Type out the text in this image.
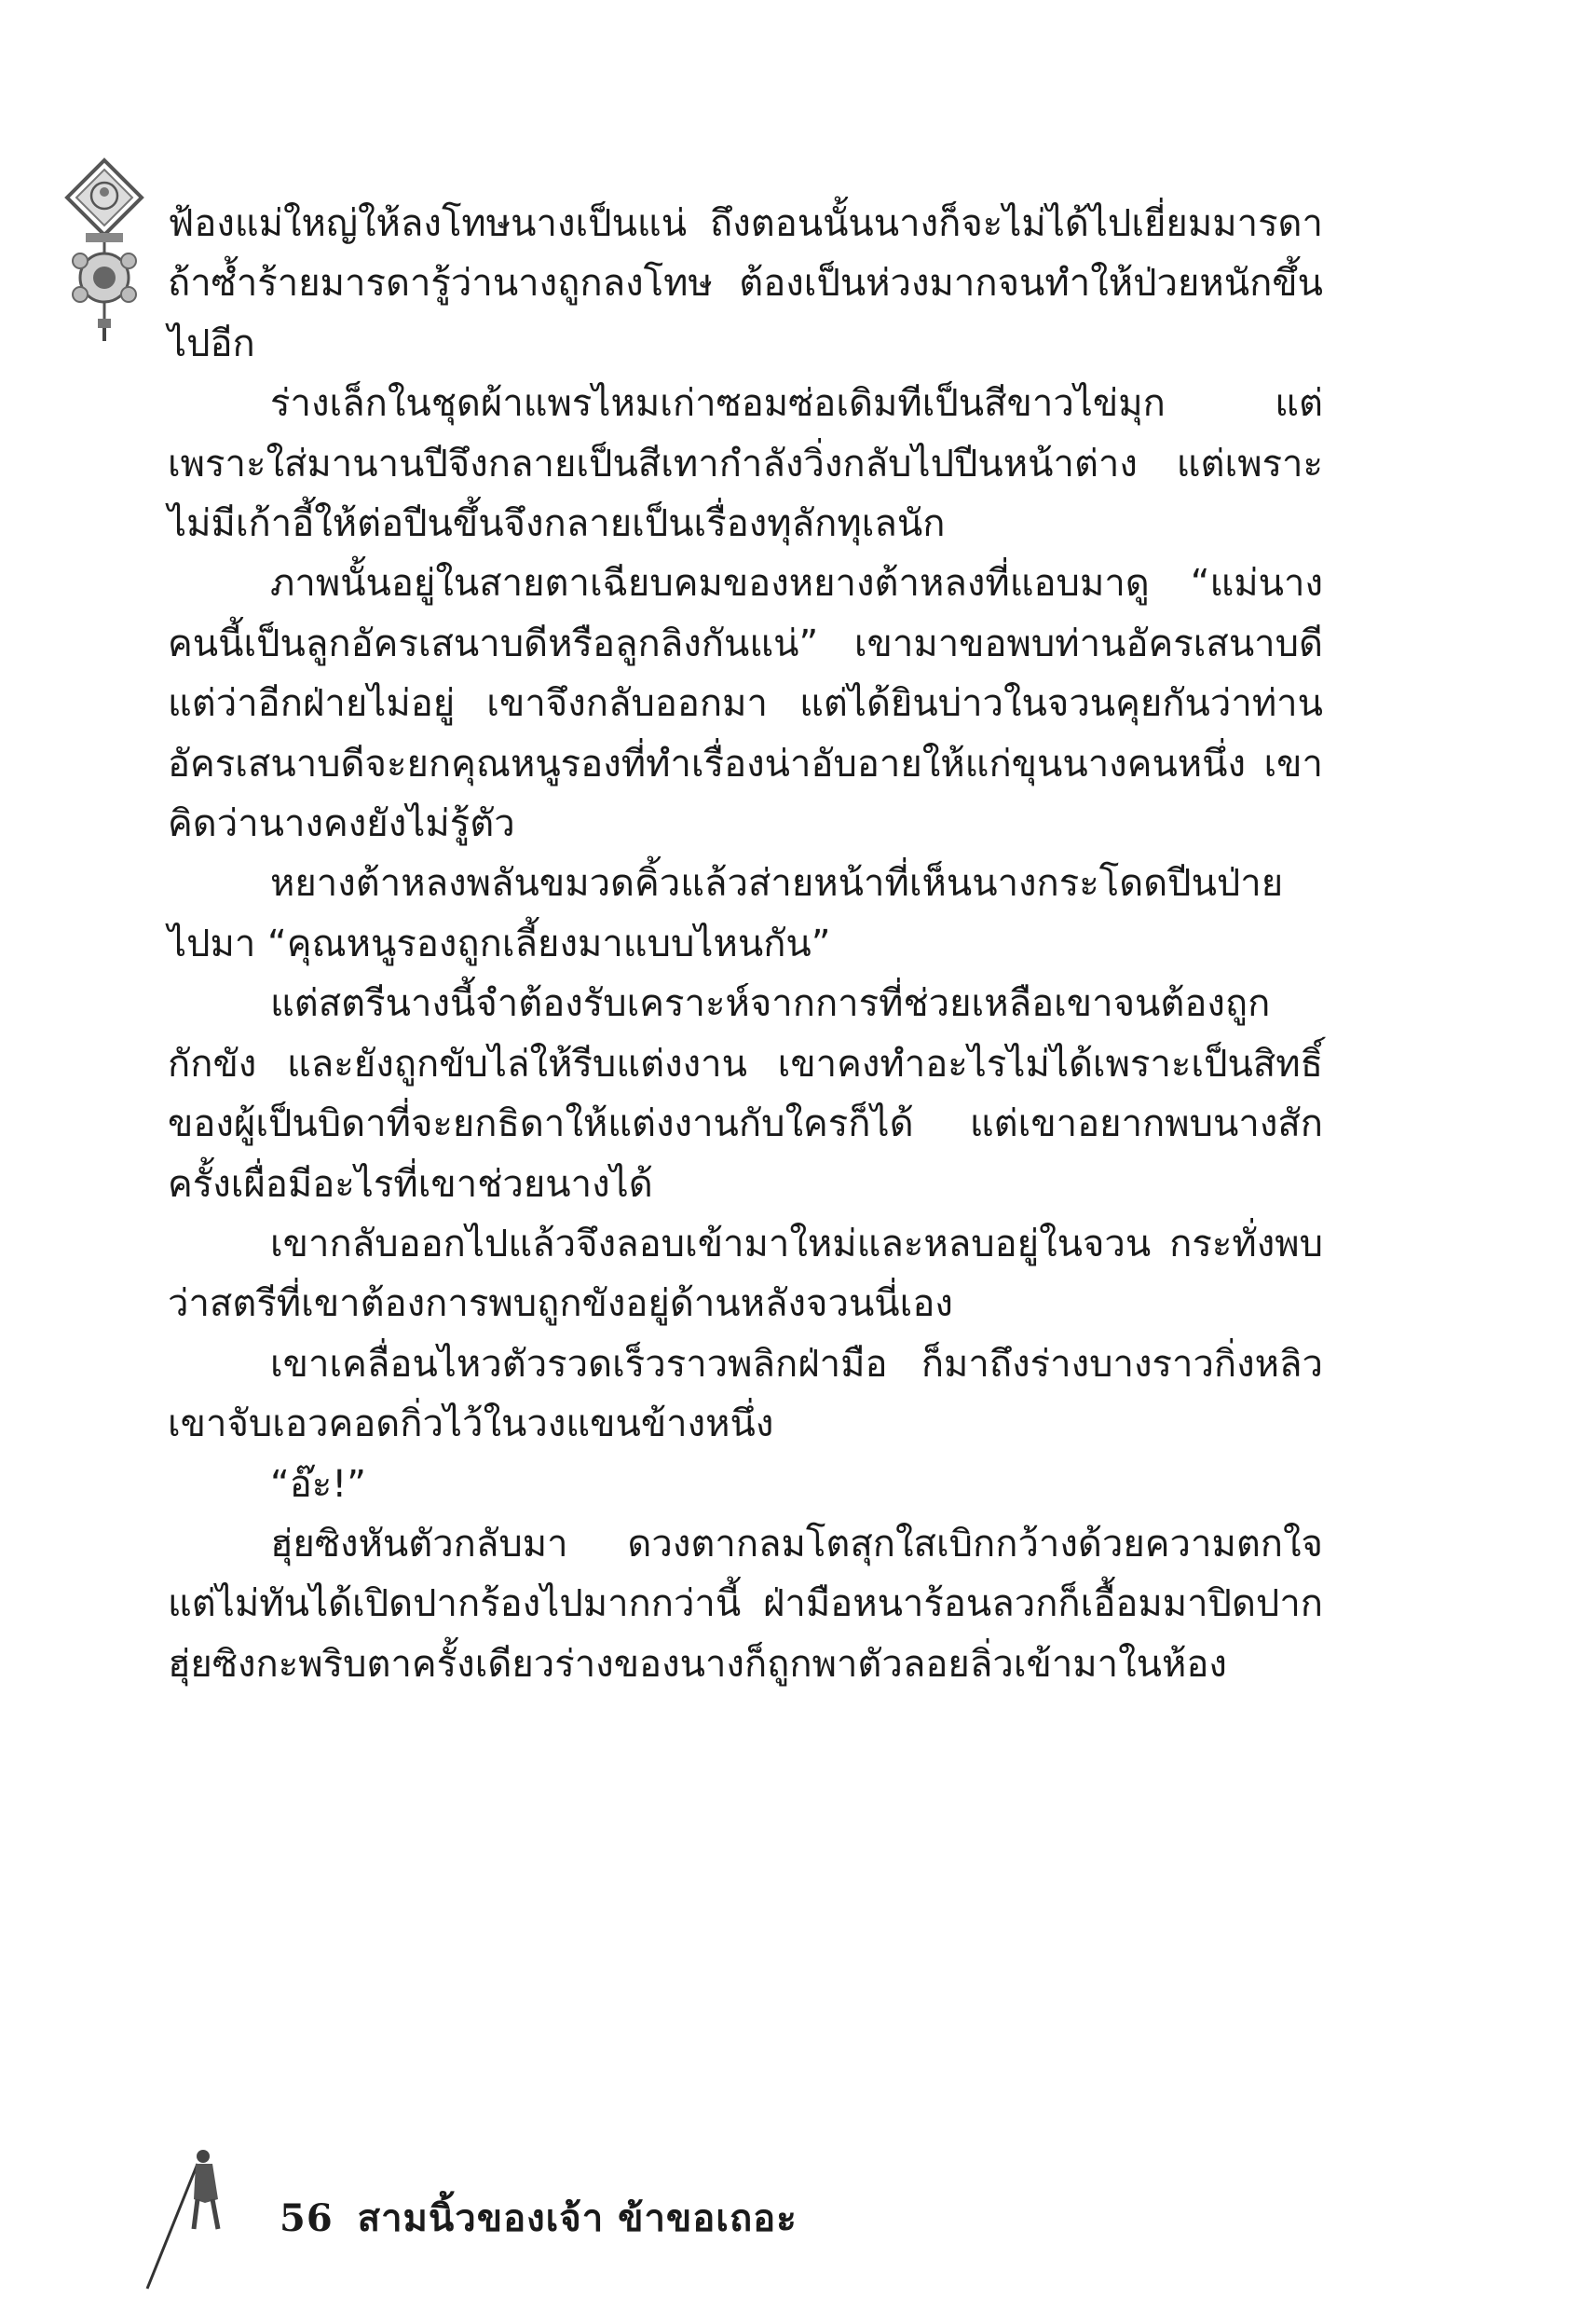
ฟ้องแม่ใหญ่ให้ลงโทษนางเป็นแน่ ถึงตอนนั้นนางก็จะไม่ได้ไปเยี่ยมมารดา ถ้าซ้ำร้ายมารดารู้ว่านางถูกลงโทษ ต้องเป็นห่วงมากจนทำให้ป่วยหนักขึ้นไปอีก

ร่างเล็กในชุดผ้าแพรไหมเก่าซอมซ่อเดิมทีเป็นสีขาวไข่มุก แต่เพราะใส่มานานปีจึงกลายเป็นสีเทากำลังวิ่งกลับไปปีนหน้าต่าง แต่เพราะไม่มีเก้าอี้ให้ต่อปีนขึ้นจึงกลายเป็นเรื่องทุลักทุเลนัก

ภาพนั้นอยู่ในสายตาเฉียบคมของหยางต้าหลงที่แอบมาดู “แม่นางคนนี้เป็นลูกอัครเสนาบดีหรือลูกลิงกันแน่” เขามาขอพบท่านอัครเสนาบดีแต่ว่าอีกฝ่ายไม่อยู่ เขาจึงกลับออกมา แต่ได้ยินบ่าวในจวนคุยกันว่าท่านอัครเสนาบดีจะยกคุณหนูรองที่ทำเรื่องน่าอับอายให้แก่ขุนนางคนหนึ่ง เขาคิดว่านางคงยังไม่รู้ตัว

หยางต้าหลงพลันขมวดคิ้วแล้วส่ายหน้าที่เห็นนางกระโดดปีนป่ายไปมา “คุณหนูรองถูกเลี้ยงมาแบบไหนกัน”

แต่สตรีนางนี้จำต้องรับเคราะห์จากการที่ช่วยเหลือเขาจนต้องถูกกักขัง และยังถูกขับไล่ให้รีบแต่งงาน เขาคงทำอะไรไม่ได้เพราะเป็นสิทธิ์ของผู้เป็นบิดาที่จะยกธิดาให้แต่งงานกับใครก็ได้ แต่เขาอยากพบนางสักครั้งเผื่อมีอะไรที่เขาช่วยนางได้

เขากลับออกไปแล้วจึงลอบเข้ามาใหม่และหลบอยู่ในจวน กระทั่งพบว่าสตรีที่เขาต้องการพบถูกขังอยู่ด้านหลังจวนนี่เอง

เขาเคลื่อนไหวตัวรวดเร็วราวพลิกฝ่ามือ ก็มาถึงร่างบางราวกิ่งหลิวเขาจับเอวคอดกิ่วไว้ในวงแขนข้างหนึ่ง

“อ๊ะ!”

ฮุ่ยซิงหันตัวกลับมา ดวงตากลมโตสุกใสเบิกกว้างด้วยความตกใจแต่ไม่ทันได้เปิดปากร้องไปมากกว่านี้ ฝ่ามือหนาร้อนลวกก็เอื้อมมาปิดปาก ฮุ่ยซิงกะพริบตาครั้งเดียวร่างของนางก็ถูกพาตัวลอยลิ่วเข้ามาในห้อง

56 สามนิ้วของเจ้า ข้าขอเถอะ
